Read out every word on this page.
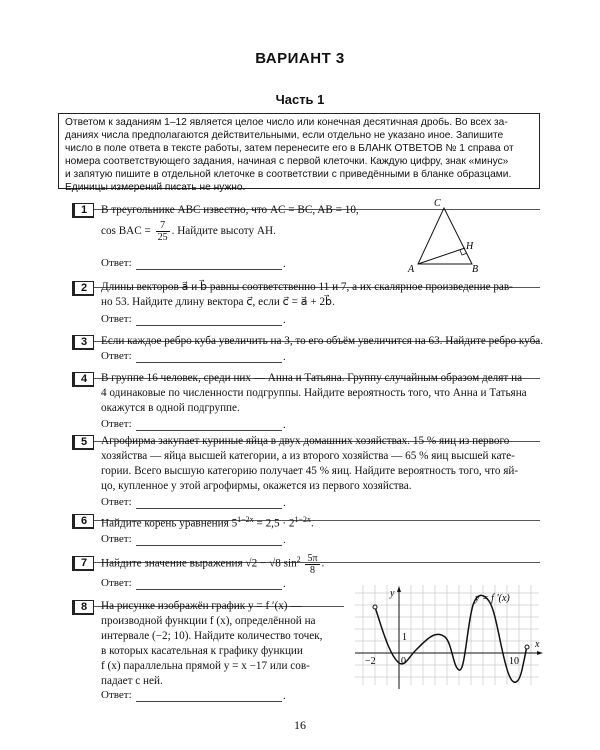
ВАРИАНТ 3
Часть 1

Ответом к заданиям 1–12 является целое число или конечная десятичная дробь. Во всех за-

даниях числа предполагаются действительными, если отдельно не указано иное. Запишите

число в поле ответа в тексте работы, затем перенесите его в БЛАНК ОТВЕТОВ № 1 справа от

номера соответствующего задания, начиная с первой клеточки. Каждую цифру, знак «минус»

и запятую пишите в отдельной клеточке в соответствии с приведёнными в бланке образцами.

Единицы измерений писать не нужно.

1	В треугольнике ABC известно, что AC = BC, AB = 10,
cos BAC = $\frac{7}{25}$ . Найдите высоту AH.
C
H
A	B
Ответ:	.
2	Длины векторов a⃗ и b⃗ равны соответственно 11 и 7, а их скалярное произведение рав-
но 53. Найдите длину вектора c⃗, если c⃗ = a⃗ + 2b⃗.
Ответ:	.
3	Если каждое ребро куба увеличить на 3, то его объём увеличится на 63. Найдите ребро куба.
Ответ:	.
4	В группе 16 человек, среди них — Анна и Татьяна. Группу случайным образом делят на
4 одинаковые по численности подгруппы. Найдите вероятность того, что Анна и Татьяна
окажутся в одной подгруппе.
Ответ:	.
5	Агрофирма закупает куриные яйца в двух домашних хозяйствах. 15 % яиц из первого
хозяйства — яйца высшей категории, а из второго хозяйства — 65 % яиц высшей кате-
гории. Всего высшую категорию получает 45 % яиц. Найдите вероятность того, что яй-
цо, купленное у этой агрофирмы, окажется из первого хозяйства.
Ответ:	.
6	Найдите корень уравнения $5^{1-2x} = 2,5 \cdot 2^{1-2x}$.
Ответ:	.
7	Найдите значение выражения √2 − √8 $\sin^2 \frac{5\pi}{8}$ .
Ответ:	.
8	На рисунке изображён график y = f ′(x) —
производной функции f (x), определённой на
интервале (−2; 10). Найдите количество точек,
в которых касательная к графику функции
f (x) параллельна прямой y = x −17 или сов-
падает с ней.
Ответ:	.
y
x
y = f ′(x)
−2	0
1
10
16
